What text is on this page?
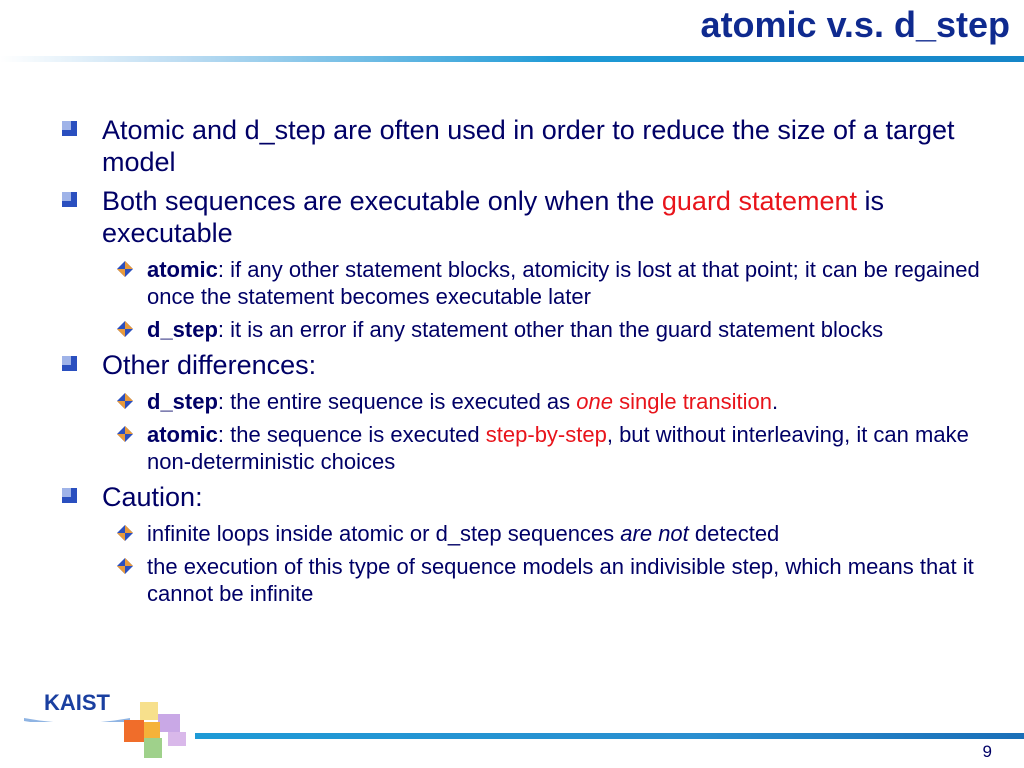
atomic v.s. d_step
Atomic and d_step are often used in order to reduce the size of a target model
Both sequences are executable only when the guard statement is executable
atomic: if any other statement blocks, atomicity is lost at that point; it can be regained once the statement becomes executable later
d_step: it is an error if any statement other than the guard statement blocks
Other differences:
d_step: the entire sequence is executed as one single transition.
atomic: the sequence is executed step-by-step, but without interleaving, it can make non-deterministic choices
Caution:
infinite loops inside atomic or d_step sequences are not detected
the execution of this type of sequence models an indivisible step, which means that it cannot be infinite
KAIST
9
